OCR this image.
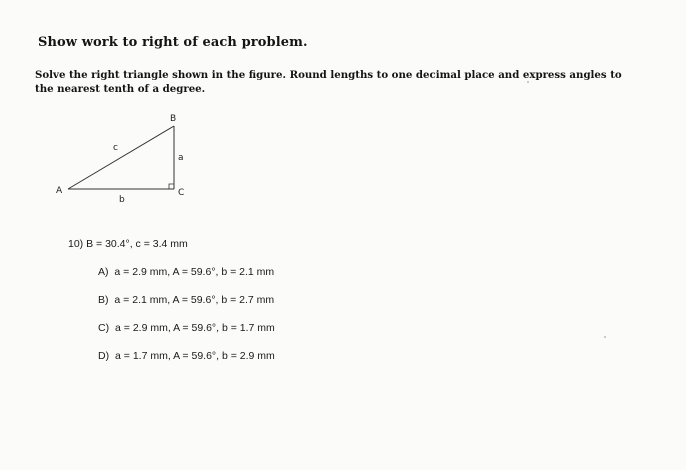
Show work to right of each problem.
Solve the right triangle shown in the figure. Round lengths to one decimal place and express angles to the nearest tenth of a degree.
A
B
C
a
b
c
10) B = 30.4°, c = 3.4 mm
A) a = 2.9 mm, A = 59.6°, b = 2.1 mm
B) a = 2.1 mm, A = 59.6°, b = 2.7 mm
C) a = 2.9 mm, A = 59.6°, b = 1.7 mm
D) a = 1.7 mm, A = 59.6°, b = 2.9 mm
